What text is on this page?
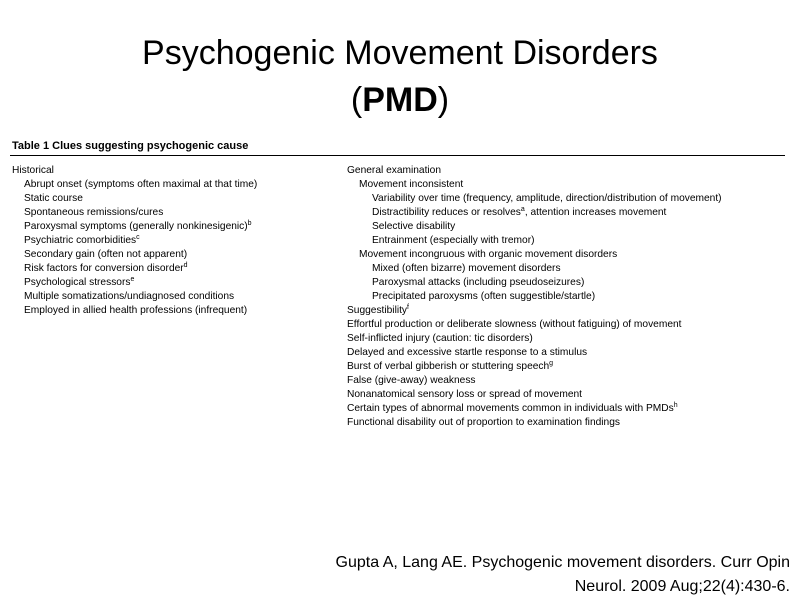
Psychogenic Movement Disorders
(PMD)
Table 1 Clues suggesting psychogenic cause
Historical
Abrupt onset (symptoms often maximal at that time)
Static course
Spontaneous remissions/cures
Paroxysmal symptoms (generally nonkinesigenic)$^b$
Psychiatric comorbidities$^c$
Secondary gain (often not apparent)
Risk factors for conversion disorder$^d$
Psychological stressors$^e$
Multiple somatizations/undiagnosed conditions
Employed in allied health professions (infrequent)
General examination
Movement inconsistent
Variability over time (frequency, amplitude, direction/distribution of movement)
Distractibility reduces or resolves$^a$, attention increases movement
Selective disability
Entrainment (especially with tremor)
Movement incongruous with organic movement disorders
Mixed (often bizarre) movement disorders
Paroxysmal attacks (including pseudoseizures)
Precipitated paroxysms (often suggestible/startle)
Suggestibility$^f$
Effortful production or deliberate slowness (without fatiguing) of movement
Self-inflicted injury (caution: tic disorders)
Delayed and excessive startle response to a stimulus
Burst of verbal gibberish or stuttering speech$^g$
False (give-away) weakness
Nonanatomical sensory loss or spread of movement
Certain types of abnormal movements common in individuals with PMDs$^h$
Functional disability out of proportion to examination findings
Gupta A, Lang AE. Psychogenic movement disorders. Curr Opin
Neurol. 2009 Aug;22(4):430-6.
